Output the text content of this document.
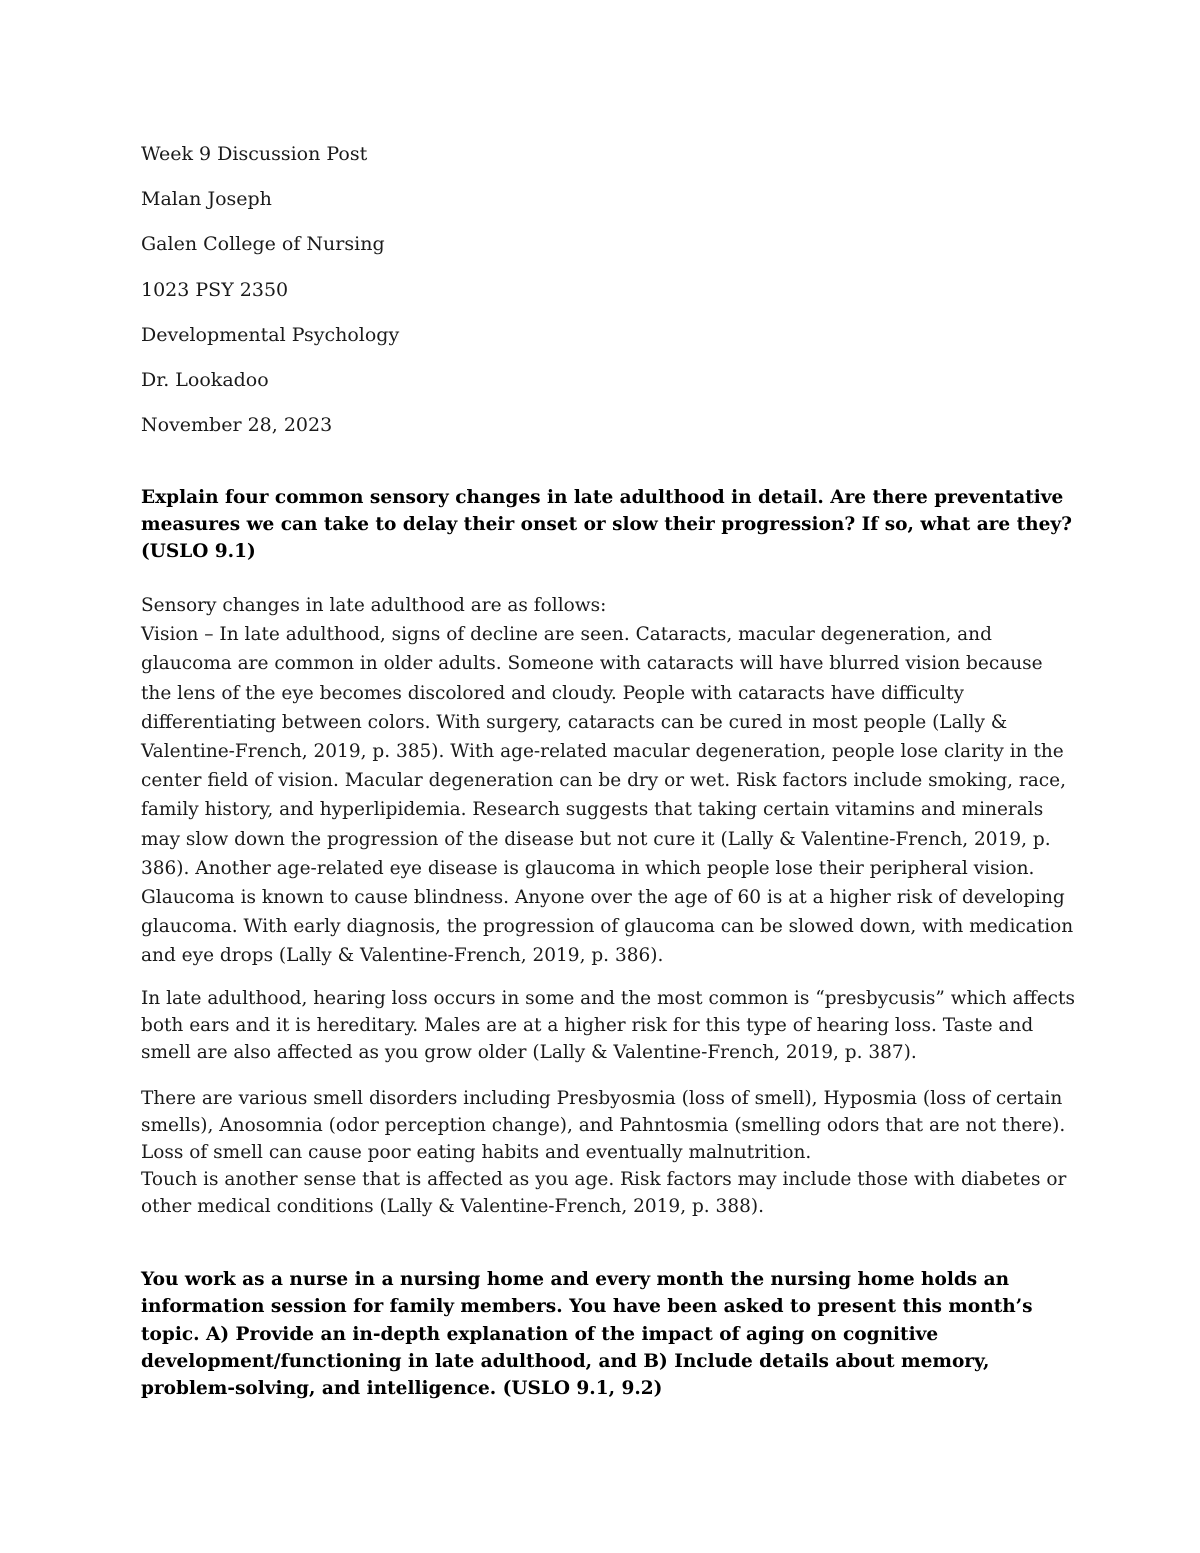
Week 9 Discussion Post

Malan Joseph

Galen College of Nursing

1023 PSY 2350

Developmental Psychology

Dr. Lookadoo

November 28, 2023

Explain four common sensory changes in late adulthood in detail. Are there preventative measures we can take to delay their onset or slow their progression? If so, what are they? (USLO 9.1)

Sensory changes in late adulthood are as follows:
Vision – In late adulthood, signs of decline are seen. Cataracts, macular degeneration, and glaucoma are common in older adults. Someone with cataracts will have blurred vision because the lens of the eye becomes discolored and cloudy. People with cataracts have difficulty differentiating between colors. With surgery, cataracts can be cured in most people (Lally & Valentine-French, 2019, p. 385). With age-related macular degeneration, people lose clarity in the center field of vision. Macular degeneration can be dry or wet. Risk factors include smoking, race, family history, and hyperlipidemia. Research suggests that taking certain vitamins and minerals may slow down the progression of the disease but not cure it (Lally & Valentine-French, 2019, p. 386). Another age-related eye disease is glaucoma in which people lose their peripheral vision. Glaucoma is known to cause blindness. Anyone over the age of 60 is at a higher risk of developing glaucoma. With early diagnosis, the progression of glaucoma can be slowed down, with medication and eye drops (Lally & Valentine-French, 2019, p. 386).

In late adulthood, hearing loss occurs in some and the most common is “presbycusis” which affects both ears and it is hereditary. Males are at a higher risk for this type of hearing loss. Taste and smell are also affected as you grow older (Lally & Valentine-French, 2019, p. 387).

There are various smell disorders including Presbyosmia (loss of smell), Hyposmia (loss of certain smells), Anosomnia (odor perception change), and Pahntosmia (smelling odors that are not there). Loss of smell can cause poor eating habits and eventually malnutrition.
Touch is another sense that is affected as you age. Risk factors may include those with diabetes or other medical conditions (Lally & Valentine-French, 2019, p. 388).

You work as a nurse in a nursing home and every month the nursing home holds an information session for family members. You have been asked to present this month’s topic. A) Provide an in-depth explanation of the impact of aging on cognitive development/functioning in late adulthood, and B) Include details about memory, problem-solving, and intelligence. (USLO 9.1, 9.2)
